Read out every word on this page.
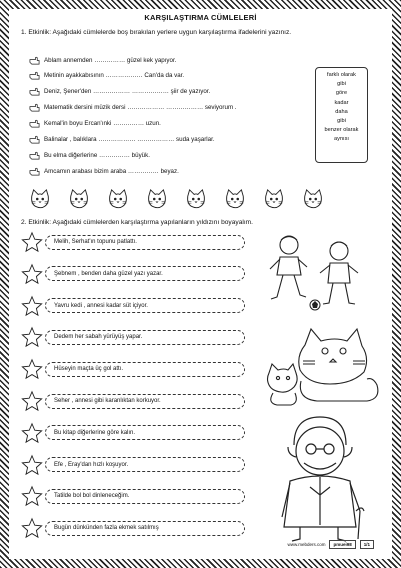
KARŞILAŞTIRMA CÜMLELERİ
1. Etkinlik: Aşağıdaki cümlelerde boş bırakılan yerlere uygun karşılaştırma ifadelerini yazınız.
Ablam annemden …………… güzel kek yapıyor.
Metinin ayakkabısının ……………… Can'da da var.
Deniz, Şener'den ……………… ……………… şiir de yazıyor.
Matematik dersini müzik dersi ……………… ……………… seviyorum .
Kemal'in boyu Ercan'ınki …………… uzun.
Balinalar , balıklara ……………… ……………… suda yaşarlar.
Bu elma diğerlerine …………… büyük.
Amcamın arabası bizim araba …………… beyaz.
farklı olarak
gibi
göre
kadar
daha
gibi
benzer olarak
aynısı
2. Etkinlik: Aşağıdaki cümlelerden karşılaştırma yapılanların yıldızını boyayalım.
Melih, Serhat'ın topunu patlattı.
Şebnem , benden daha güzel yazı yazar.
Yavru kedi , annesi kadar süt içiyor.
Dedem her sabah yürüyüş yapar.
Hüseyin maçta üç gol attı.
Seher , annesi gibi karanlıktan korkuyor.
Bu kitap diğerlerine göre kalın.
Efe , Eray'dan hızlı koşuyor.
Tatilde bol bol dinleneceğim.
Bugün dünkünden fazla ekmek satılmış
www.mebders.com	pmuei98	1/1
